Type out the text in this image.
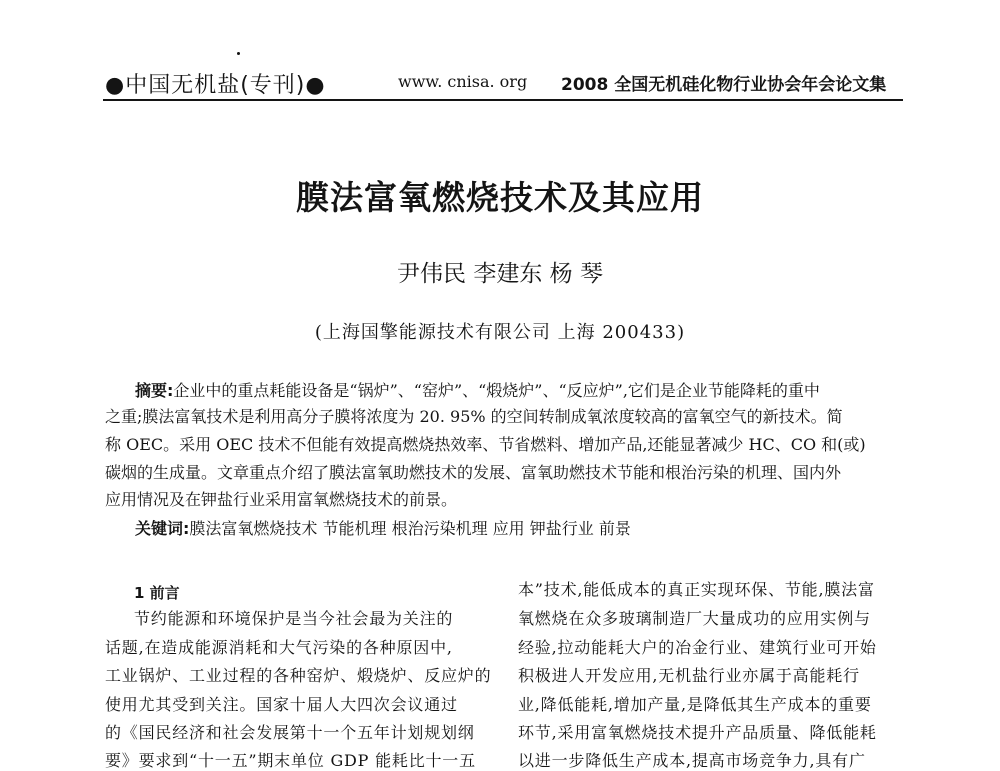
●中国无机盐(专刊)●	www. cnisa. org 2008 全国无机硅化物行业协会年会论文集
膜法富氧燃烧技术及其应用
尹伟民 李建东 杨 琴
(上海国擎能源技术有限公司 上海 200433)
摘要:企业中的重点耗能设备是“锅炉”、“窑炉”、“煅烧炉”、“反应炉”,它们是企业节能降耗的重中
之重;膜法富氧技术是利用高分子膜将浓度为 20. 95% 的空间转制成氧浓度较高的富氧空气的新技术。简
称 OEC。采用 OEC 技术不但能有效提高燃烧热效率、节省燃料、增加产品,还能显著减少 HC、CO 和(或)
碳烟的生成量。文章重点介绍了膜法富氧助燃技术的发展、富氧助燃技术节能和根治污染的机理、国内外
应用情况及在钾盐行业采用富氧燃烧技术的前景。
关键词:膜法富氧燃烧技术 节能机理 根治污染机理 应用 钾盐行业 前景
1 前言
节约能源和环境保护是当今社会最为关注的
话题,在造成能源消耗和大气污染的各种原因中,
工业锅炉、工业过程的各种窑炉、煅烧炉、反应炉的
使用尤其受到关注。国家十届人大四次会议通过
的《国民经济和社会发展第十一个五年计划规划纲
要》要求到“十一五”期末单位 GDP 能耗比十一五
本”技术,能低成本的真正实现环保、节能,膜法富
氧燃烧在众多玻璃制造厂大量成功的应用实例与
经验,拉动能耗大户的冶金行业、建筑行业可开始
积极进人开发应用,无机盐行业亦属于高能耗行
业,降低能耗,增加产量,是降低其生产成本的重要
环节,采用富氧燃烧技术提升产品质量、降低能耗
以进一步降低生产成本,提高市场竞争力,具有广
